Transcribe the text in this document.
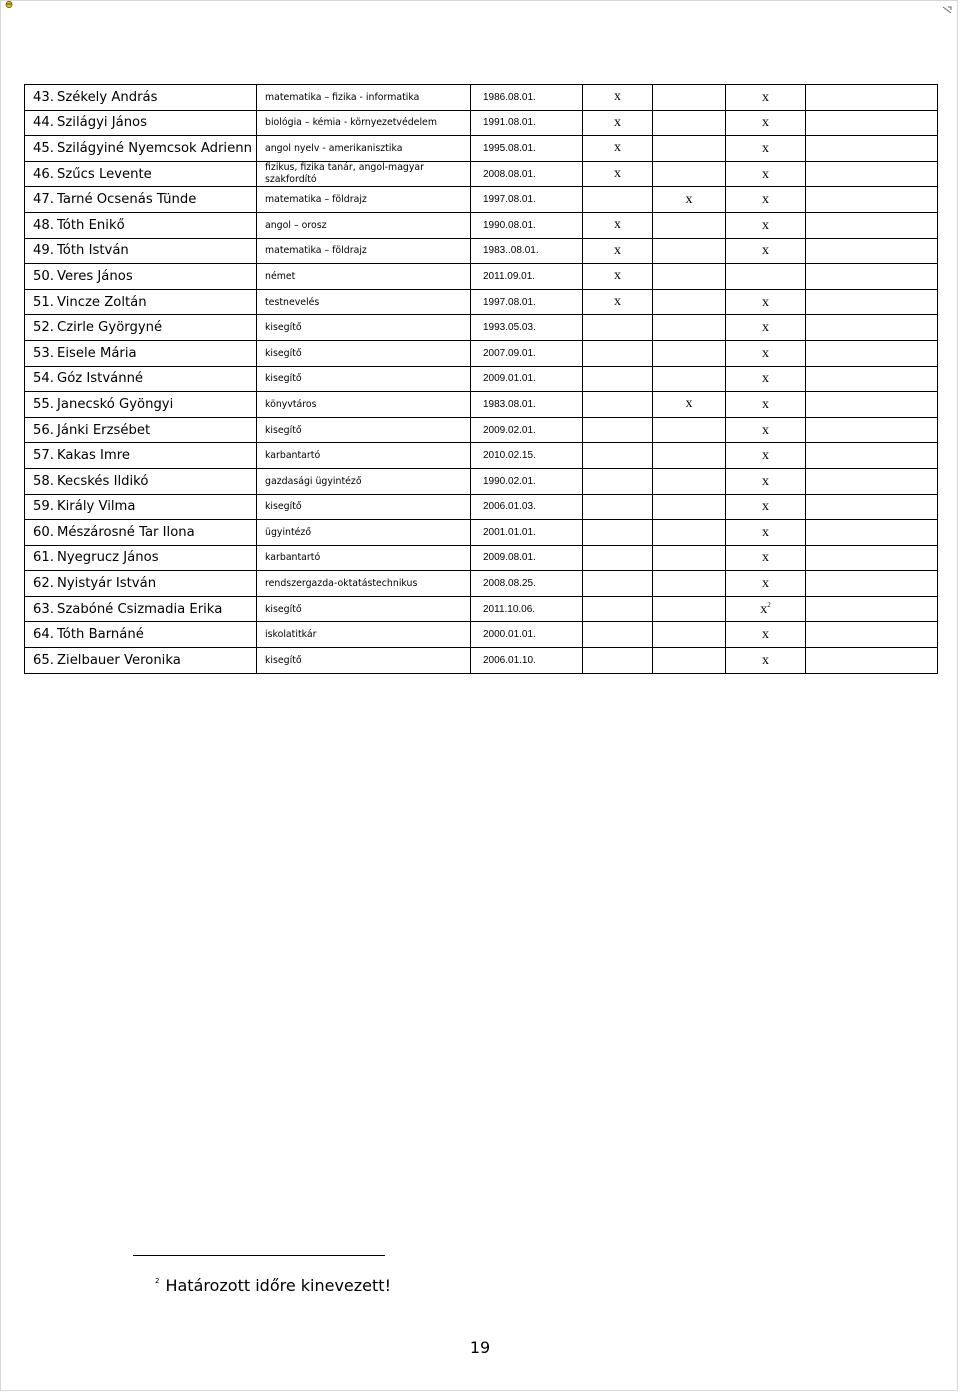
43. Székely András	matematika – fizika - informatika	1986.08.01.	x		x	
44. Szilágyi János	biológia – kémia - környezetvédelem	1991.08.01.	x		x	
45. Szilágyiné Nyemcsok Adrienn	angol nyelv - amerikanisztika	1995.08.01.	x		x	
46. Szűcs Levente	fizikus, fizika tanár, angol-magyar szakfordító	2008.08.01.	x		x	
47. Tarné Ocsenás Tünde	matematika – földrajz	1997.08.01.		x	x	
48. Tóth Enikő	angol – orosz	1990.08.01.	x		x	
49. Tóth István	matematika – földrajz	1983..08.01.	x		x	
50. Veres János	német	2011.09.01.	x			
51. Vincze Zoltán	testnevelés	1997.08.01.	x		x	
52. Czirle Györgyné	kisegítő	1993.05.03.			x	
53. Eisele Mária	kisegítő	2007.09.01.			x	
54. Góz Istvánné	kisegítő	2009.01.01.			x	
55. Janecskó Gyöngyi	könyvtáros	1983.08.01.		x	x	
56. Jánki Erzsébet	kisegítő	2009.02.01.			x	
57. Kakas Imre	karbantartó	2010.02.15.			x	
58. Kecskés Ildikó	gazdasági ügyintéző	1990.02.01.			x	
59. Király Vilma	kisegítő	2006.01.03.			x	
60. Mészárosné Tar Ilona	ügyintéző	2001.01.01.			x	
61. Nyegrucz János	karbantartó	2009.08.01.			x	
62. Nyistyár István	rendszergazda-oktatástechnikus	2008.08.25.			x	
63. Szabóné Csizmadia Erika	kisegítő	2011.10.06.			$x^2$	
64. Tóth Barnáné	iskolatitkár	2000.01.01.			x	
65. Zielbauer Veronika	kisegítő	2006.01.10.			x	
$^2$ Határozott időre kinevezett!
19
